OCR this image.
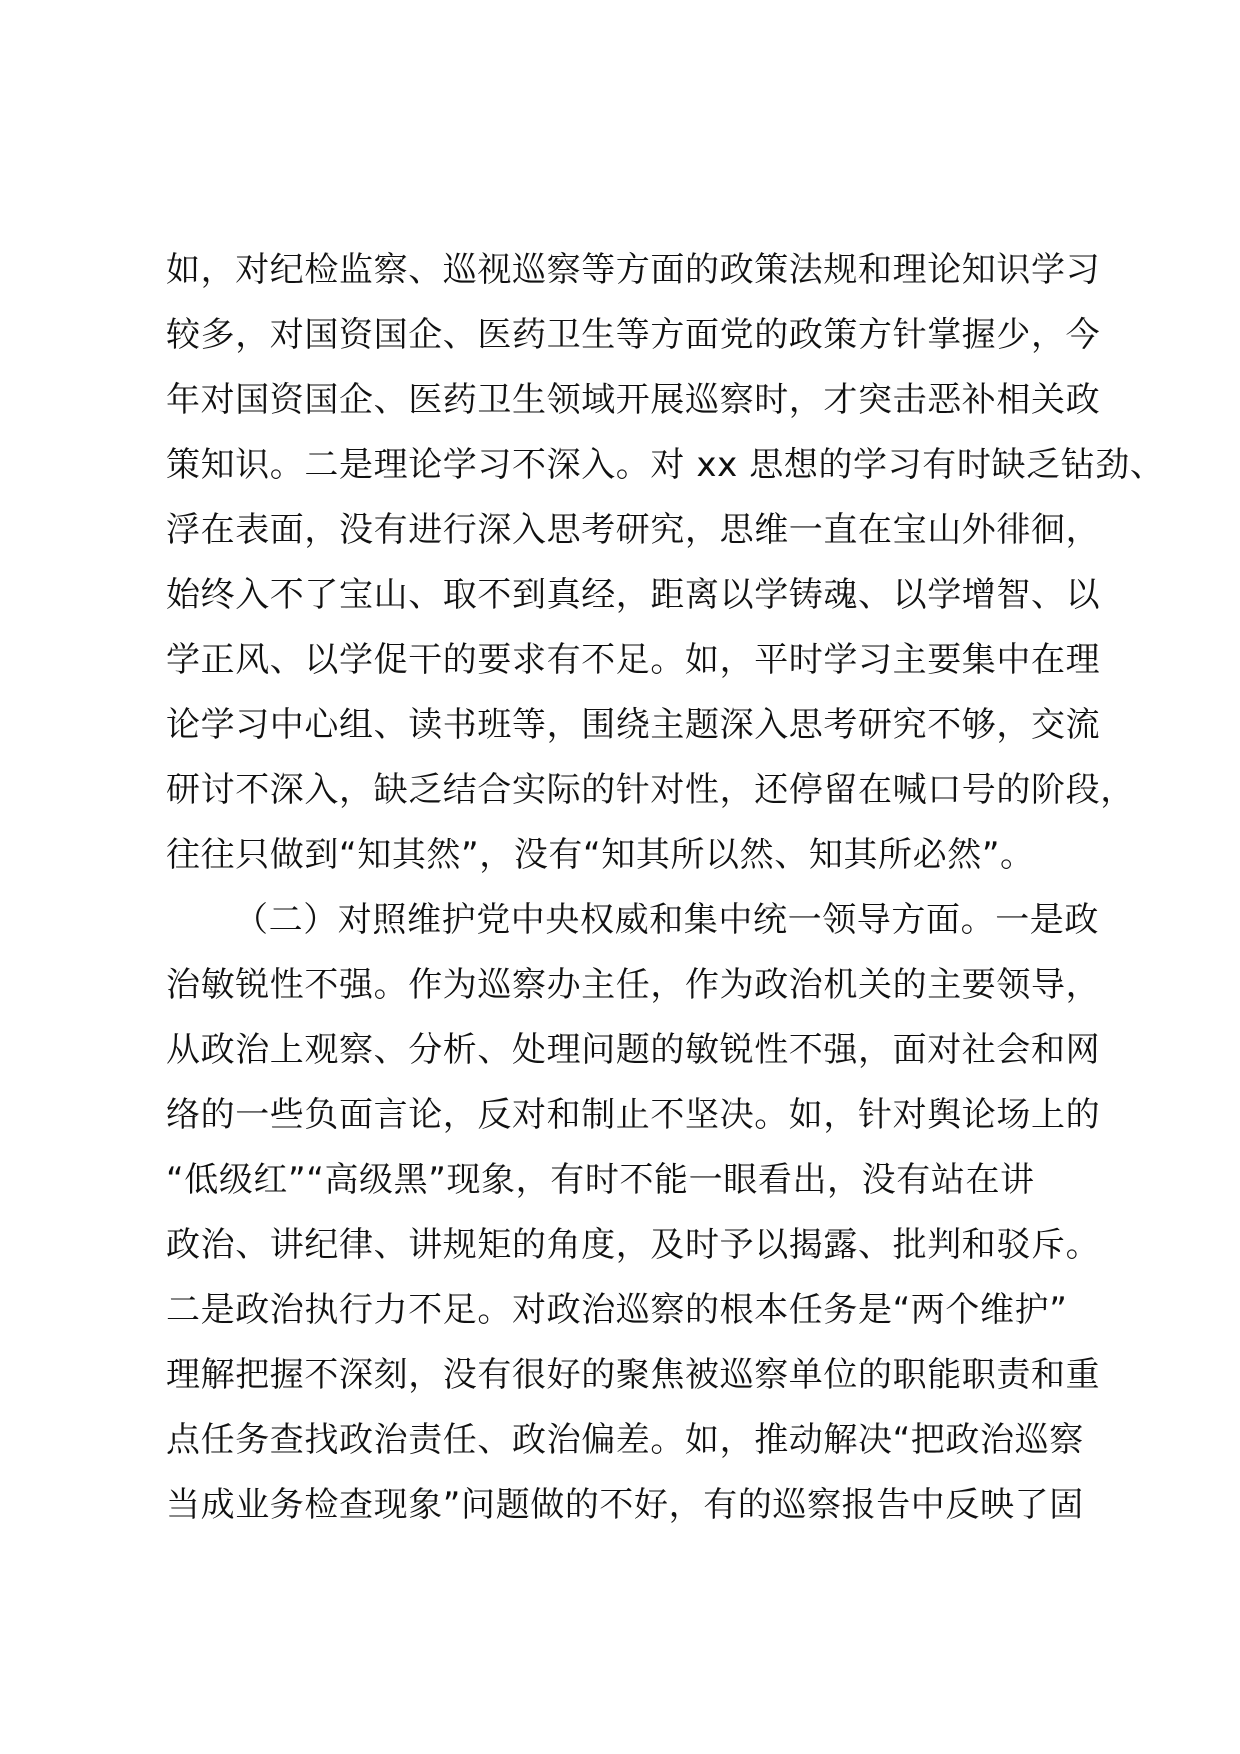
如，对纪检监察、巡视巡察等方面的政策法规和理论知识学习
较多，对国资国企、医药卫生等方面党的政策方针掌握少，今
年对国资国企、医药卫生领域开展巡察时，才突击恶补相关政
策知识。二是理论学习不深入。对 xx 思想的学习有时缺乏钻劲、
浮在表面，没有进行深入思考研究，思维一直在宝山外徘徊，
始终入不了宝山、取不到真经，距离以学铸魂、以学增智、以
学正风、以学促干的要求有不足。如，平时学习主要集中在理
论学习中心组、读书班等，围绕主题深入思考研究不够，交流
研讨不深入，缺乏结合实际的针对性，还停留在喊口号的阶段，
往往只做到“知其然”，没有“知其所以然、知其所必然”。
（二）对照维护党中央权威和集中统一领导方面。一是政
治敏锐性不强。作为巡察办主任，作为政治机关的主要领导，
从政治上观察、分析、处理问题的敏锐性不强，面对社会和网
络的一些负面言论，反对和制止不坚决。如，针对舆论场上的
“低级红”“高级黑”现象，有时不能一眼看出，没有站在讲
政治、讲纪律、讲规矩的角度，及时予以揭露、批判和驳斥。
二是政治执行力不足。对政治巡察的根本任务是“两个维护”
理解把握不深刻，没有很好的聚焦被巡察单位的职能职责和重
点任务查找政治责任、政治偏差。如，推动解决“把政治巡察
当成业务检查现象”问题做的不好，有的巡察报告中反映了固
